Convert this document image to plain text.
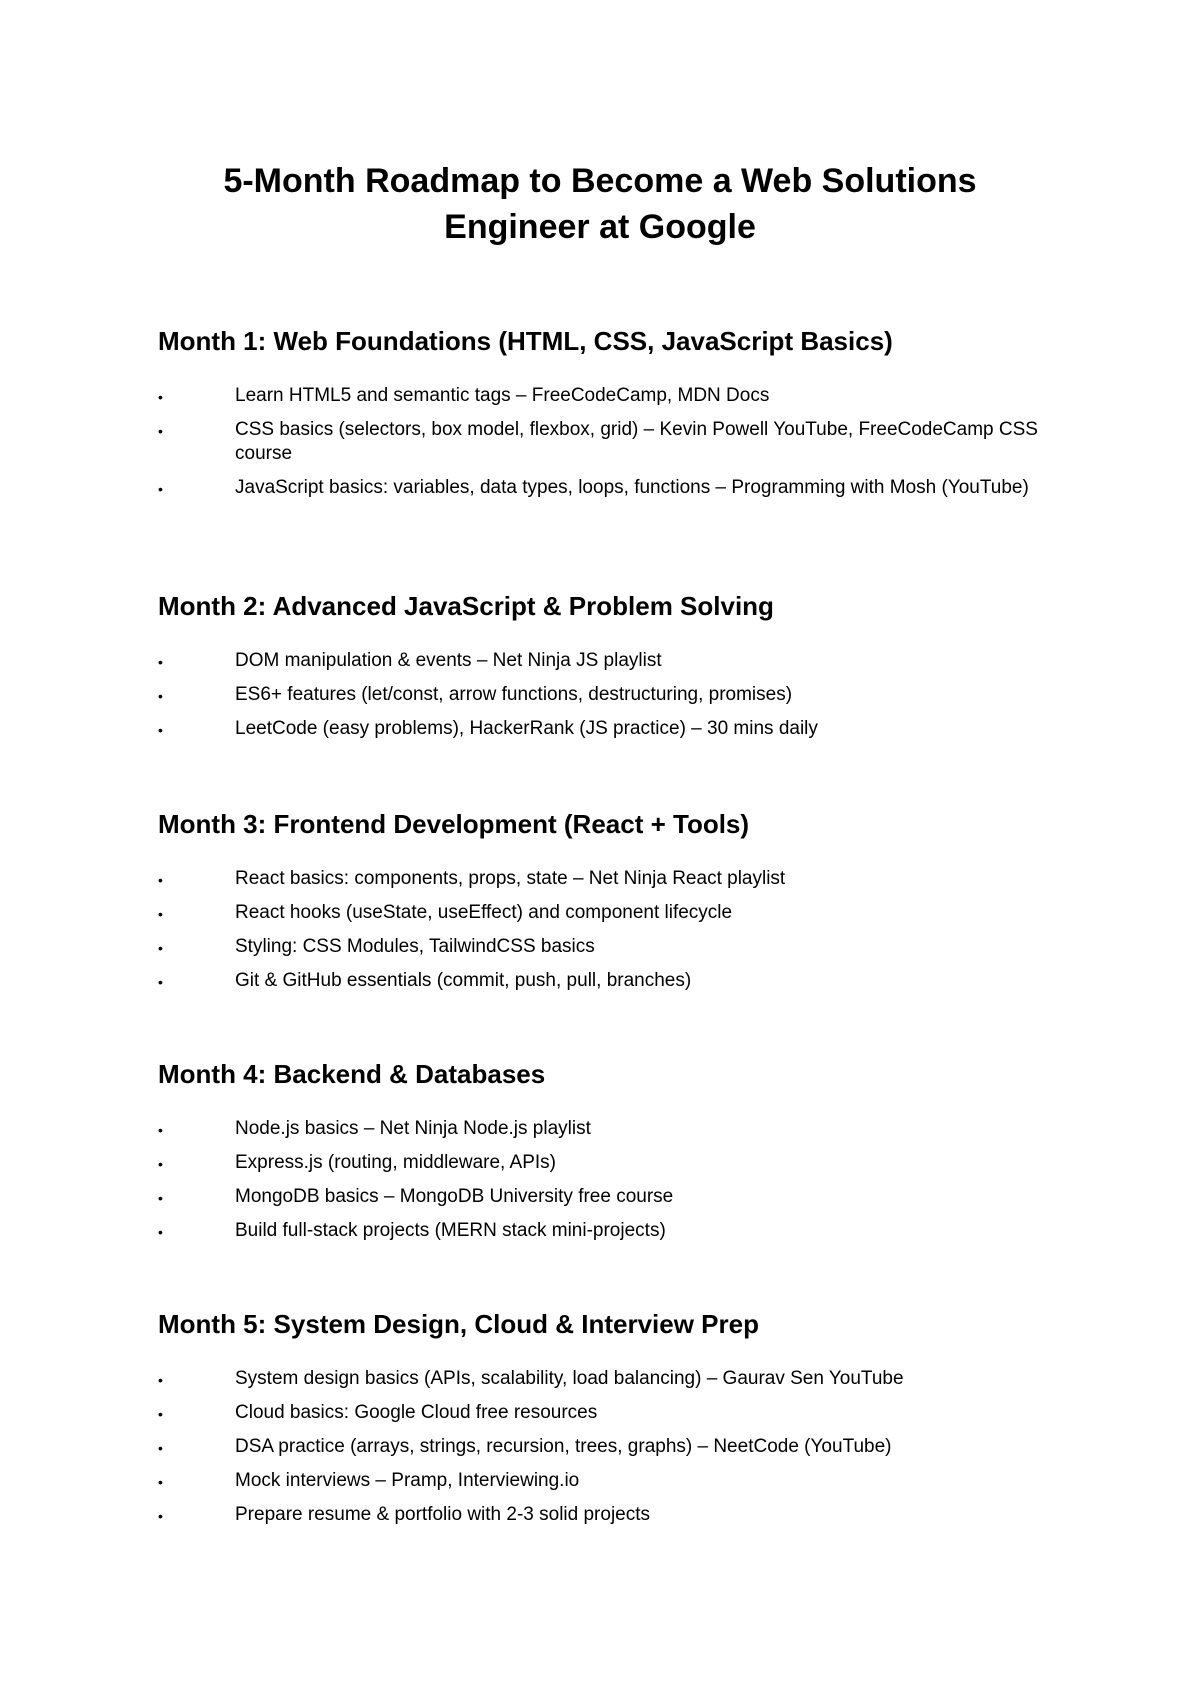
5-Month Roadmap to Become a Web Solutions Engineer at Google
Month 1: Web Foundations (HTML, CSS, JavaScript Basics)
•	Learn HTML5 and semantic tags – FreeCodeCamp, MDN Docs
•	CSS basics (selectors, box model, flexbox, grid) – Kevin Powell YouTube, FreeCodeCamp CSS course
•	JavaScript basics: variables, data types, loops, functions – Programming with Mosh (YouTube)
Month 2: Advanced JavaScript & Problem Solving
•	DOM manipulation & events – Net Ninja JS playlist
•	ES6+ features (let/const, arrow functions, destructuring, promises)
•	LeetCode (easy problems), HackerRank (JS practice) – 30 mins daily
Month 3: Frontend Development (React + Tools)
•	React basics: components, props, state – Net Ninja React playlist
•	React hooks (useState, useEffect) and component lifecycle
•	Styling: CSS Modules, TailwindCSS basics
•	Git & GitHub essentials (commit, push, pull, branches)
Month 4: Backend & Databases
•	Node.js basics – Net Ninja Node.js playlist
•	Express.js (routing, middleware, APIs)
•	MongoDB basics – MongoDB University free course
•	Build full-stack projects (MERN stack mini-projects)
Month 5: System Design, Cloud & Interview Prep
•	System design basics (APIs, scalability, load balancing) – Gaurav Sen YouTube
•	Cloud basics: Google Cloud free resources
•	DSA practice (arrays, strings, recursion, trees, graphs) – NeetCode (YouTube)
•	Mock interviews – Pramp, Interviewing.io
•	Prepare resume & portfolio with 2-3 solid projects
